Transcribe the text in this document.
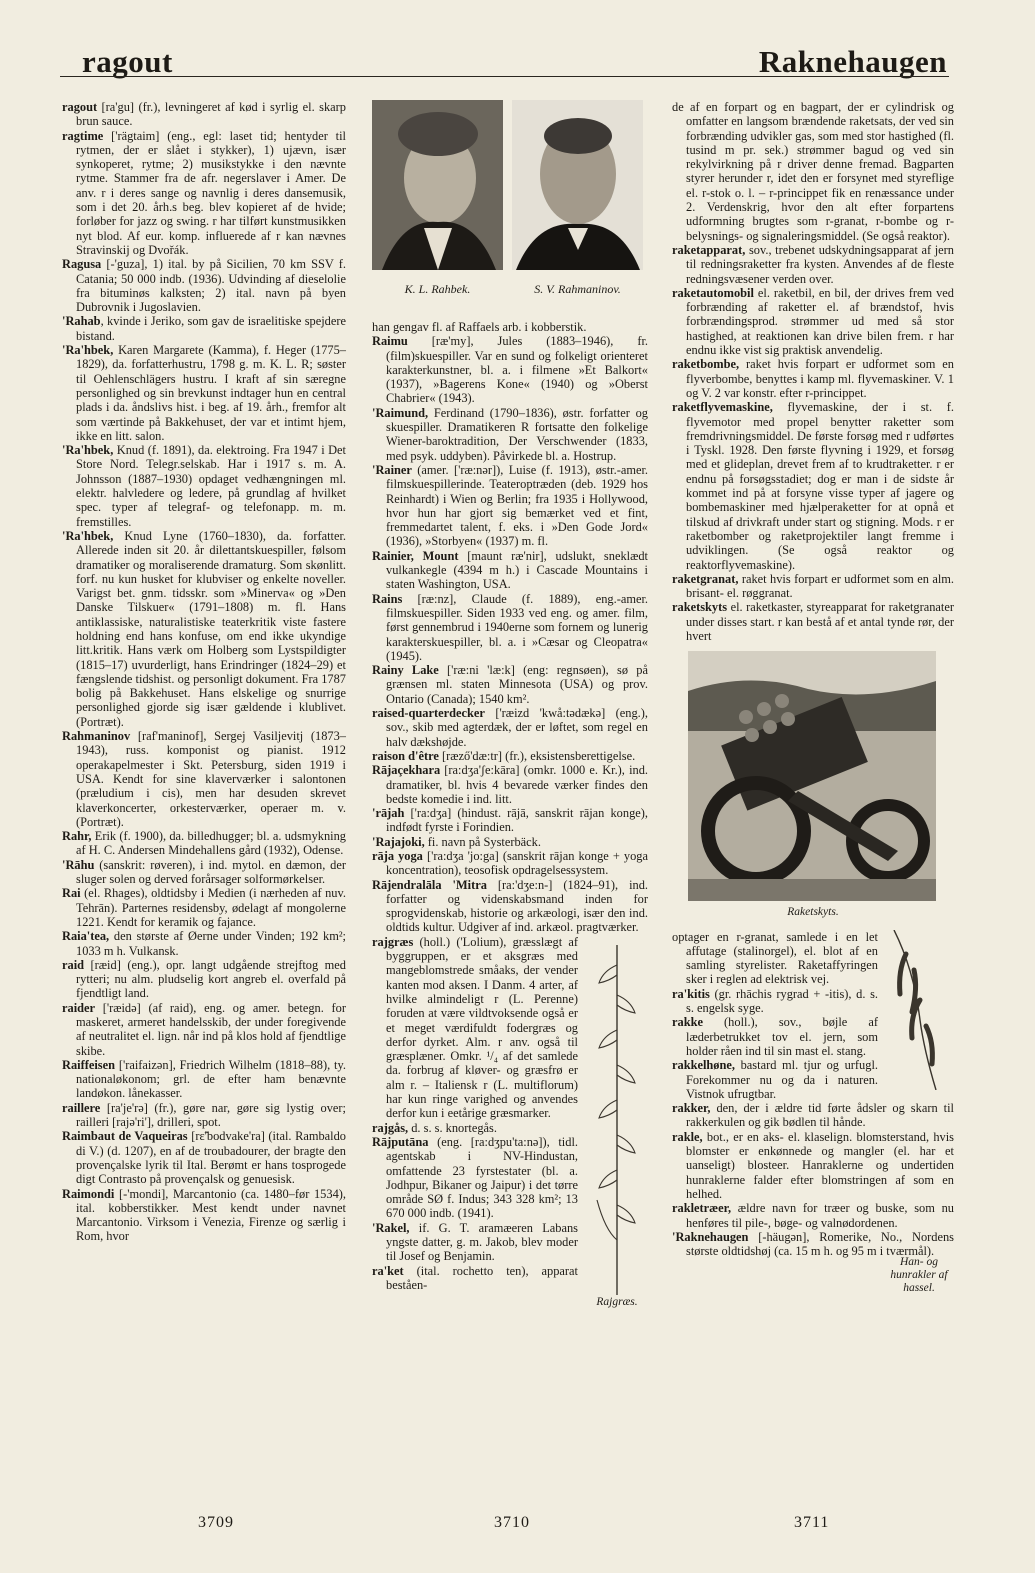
ragout	Raknehaugen

ragout [ra'gu] (fr.), levningeret af kød i syrlig el. skarp brun sauce.

ragtime ['rägtaim] (eng., egl: laset tid; hentyder til rytmen, der er slået i stykker), 1) ujævn, især synkoperet, rytme; 2) musikstykke i den nævnte rytme. Stammer fra de afr. negerslaver i Amer. De anv. r i deres sange og navnlig i deres dansemusik, som i det 20. årh.s beg. blev kopieret af de hvide; forløber for jazz og swing. r har tilført kunstmusikken nyt blod. Af eur. komp. influerede af r kan nævnes Stravinskij og Dvořák.

Ragusa [-'guza], 1) ital. by på Sicilien, 70 km SSV f. Catania; 50 000 indb. (1936). Udvinding af dieselolie fra bituminøs kalksten; 2) ital. navn på byen Dubrovnik i Jugoslavien.

'Rahab, kvinde i Jeriko, som gav de israelitiske spejdere bistand.

'Ra'hbek, Karen Margarete (Kamma), f. Heger (1775–1829), da. forfatterhustru, 1798 g. m. K. L. R; søster til Oehlenschlägers hustru. I kraft af sin særegne personlighed og sin brevkunst indtager hun en central plads i da. åndslivs hist. i beg. af 19. årh., fremfor alt som værtinde på Bakkehuset, der var et intimt hjem, ikke en litt. salon.

'Ra'hbek, Knud (f. 1891), da. elektroing. Fra 1947 i Det Store Nord. Telegr.selskab. Har i 1917 s. m. A. Johnsson (1887–1930) opdaget vedhængningen ml. elektr. halvledere og ledere, på grundlag af hvilket spec. typer af telegraf- og telefonapp. m. m. fremstilles.

'Ra'hbek, Knud Lyne (1760–1830), da. forfatter. Allerede inden sit 20. år dilettantskuespiller, følsom dramatiker og moraliserende dramaturg. Som skønlitt. forf. nu kun husket for klubviser og enkelte noveller. Varigst bet. gnm. tidsskr. som »Minerva« og »Den Danske Tilskuer« (1791–1808) m. fl. Hans antiklassiske, naturalistiske teaterkritik viste fastere holdning end hans konfuse, om end ikke ukyndige litt.kritik. Hans værk om Holberg som Lystspildigter (1815–17) uvurderligt, hans Erindringer (1824–29) et fængslende tidshist. og personligt dokument. Fra 1787 bolig på Bakkehuset. Hans elskelige og snurrige personlighed gjorde sig især gældende i klublivet. (Portræt).

Rahmaninov [raf'maninof], Sergej Vasiljevitj (1873–1943), russ. komponist og pianist. 1912 operakapelmester i Skt. Petersburg, siden 1919 i USA. Kendt for sine klaverværker i salontonen (præludium i cis), men har desuden skrevet klaverkoncerter, orkesterværker, operaer m. v. (Portræt).

Rahr, Erik (f. 1900), da. billedhugger; bl. a. udsmykning af H. C. Andersen Mindehallens gård (1932), Odense.

'Rāhu (sanskrit: røveren), i ind. mytol. en dæmon, der sluger solen og derved forårsager solformørkelser.

Rai (el. Rhages), oldtidsby i Medien (i nærheden af nuv. Tehrān). Parternes residensby, ødelagt af mongolerne 1221. Kendt for keramik og fajance.

Raia'tea, den største af Øerne under Vinden; 192 km²; 1033 m h. Vulkansk.

raid [ræid] (eng.), opr. langt udgående strejftog med rytteri; nu alm. pludselig kort angreb el. overfald på fjendtligt land.

raider ['ræidə] (af raid), eng. og amer. betegn. for maskeret, armeret handelsskib, der under foregivende af neutralitet el. lign. når ind på klos hold af fjendtlige skibe.

Raiffeisen ['raifaizən], Friedrich Wilhelm (1818–88), ty. nationaløkonom; grl. de efter ham benævnte landøkon. lånekasser.

raillere [ra'je'rə] (fr.), gøre nar, gøre sig lystig over; railleri [rajə'ri'], drilleri, spot.

Raimbaut de Vaqueiras [rɛ̃'bodvake'ra] (ital. Rambaldo di V.) (d. 1207), en af de troubadourer, der bragte den provençalske lyrik til Ital. Berømt er hans tosprogede digt Contrasto på provençalsk og genuesisk.

Raimondi [-'mondi], Marcantonio (ca. 1480–før 1534), ital. kobberstikker. Mest kendt under navnet Marcantonio. Virksom i Venezia, Firenze og særlig i Rom, hvor

K. L. Rahbek.	S. V. Rahmaninov.

han gengav fl. af Raffaels arb. i kobberstik.

Raimu [ræ'my], Jules (1883–1946), fr. (film)skuespiller. Var en sund og folkeligt orienteret karakterkunstner, bl. a. i filmene »Et Balkort« (1937), »Bagerens Kone« (1940) og »Oberst Chabrier« (1943).

'Raimund, Ferdinand (1790–1836), østr. forfatter og skuespiller. Dramatikeren R fortsatte den folkelige Wiener-baroktradition, Der Verschwender (1833, med psyk. uddyben). Påvirkede bl. a. Hostrup.

'Rainer (amer. ['ræ:nər]), Luise (f. 1913), østr.-amer. filmskuespillerinde. Teateroptræden (deb. 1929 hos Reinhardt) i Wien og Berlin; fra 1935 i Hollywood, hvor hun har gjort sig bemærket ved et fint, fremmedartet talent, f. eks. i »Den Gode Jord« (1936), »Storbyen« (1937) m. fl.

Rainier, Mount [maunt ræ'nir], udslukt, sneklædt vulkankegle (4394 m h.) i Cascade Mountains i staten Washington, USA.

Rains [ræ:nz], Claude (f. 1889), eng.-amer. filmskuespiller. Siden 1933 ved eng. og amer. film, først gennembrud i 1940erne som fornem og lunerig karakterskuespiller, bl. a. i »Cæsar og Cleopatra« (1945).

Rainy Lake ['ræ:ni 'læ:k] (eng: regnsøen), sø på grænsen ml. staten Minnesota (USA) og prov. Ontario (Canada); 1540 km².

raised-quarterdecker ['ræizd 'kwå:tədækə] (eng.), sov., skib med agterdæk, der er løftet, som regel en halv dækshøjde.

raison d'être [ræző'dæ:tr] (fr.), eksistensberettigelse.

Rājaçekhara [ra:dʒa'ʃe:kāra] (omkr. 1000 e. Kr.), ind. dramatiker, bl. hvis 4 bevarede værker findes den bedste komedie i ind. litt.

'rājah ['ra:dʒa] (hindust. rājā, sanskrit rājan konge), indfødt fyrste i Forindien.

'Rajajoki, fi. navn på Systerbäck.

rāja yoga ['ra:dʒa 'jo:ga] (sanskrit rājan konge + yoga koncentration), teosofisk opdragelsessystem.

Rājendralāla 'Mitra [ra:'dʒe:n-] (1824–91), ind. forfatter og videnskabsmand inden for sprogvidenskab, historie og arkæologi, især den ind. oldtids kultur. Udgiver af ind. arkæol. pragtværker.

Rajgræs.

rajgræs (holl.) ('Lolium), græsslægt af byggruppen, er et aksgræs med mangeblomstrede småaks, der vender kanten mod aksen. I Danm. 4 arter, af hvilke almindeligt r (L. Perenne) foruden at være vildtvoksende også er et meget værdifuldt fodergræs og derfor dyrket. Alm. r anv. også til græsplæner. Omkr. ¹/₄ af det samlede da. forbrug af kløver- og græsfrø er alm r. – Italiensk r (L. multiflorum) har kun ringe varighed og anvendes derfor kun i eetårige græsmarker.

rajgås, d. s. s. knortegås.

Rājputāna (eng. [ra:dʒpu'ta:nə]), tidl. agentskab i NV-Hindustan, omfattende 23 fyrstestater (bl. a. Jodhpur, Bikaner og Jaipur) i det tørre område SØ f. Indus; 343 328 km²; 13 670 000 indb. (1941).

'Rakel, if. G. T. aramæeren Labans yngste datter, g. m. Jakob, blev moder til Josef og Benjamin.

ra'ket (ital. rochetto ten), apparat beståen-

de af en forpart og en bagpart, der er cylindrisk og omfatter en langsom brændende raketsats, der ved sin forbrænding udvikler gas, som med stor hastighed (fl. tusind m pr. sek.) strømmer bagud og ved sin rekylvirkning på r driver denne fremad. Bagparten styrer herunder r, idet den er forsynet med styreflige el. r-stok o. l. – r-princippet fik en renæssance under 2. Verdenskrig, hvor den alt efter forpartens udformning brugtes som r-granat, r-bombe og r-belysnings- og signaleringsmiddel. (Se også reaktor).

raketapparat, sov., trebenet udskydningsapparat af jern til redningsraketter fra kysten. Anvendes af de fleste redningsvæsener verden over.

raketautomobil el. raketbil, en bil, der drives frem ved forbrænding af raketter el. af brændstof, hvis forbrændingsprod. strømmer ud med så stor hastighed, at reaktionen kan drive bilen frem. r har endnu ikke vist sig praktisk anvendelig.

raketbombe, raket hvis forpart er udformet som en flyverbombe, benyttes i kamp ml. flyvemaskiner. V. 1 og V. 2 var konstr. efter r-princippet.

raketflyvemaskine, flyvemaskine, der i st. f. flyvemotor med propel benytter raketter som fremdrivningsmiddel. De første forsøg med r udførtes i Tyskl. 1928. Den første flyvning i 1929, et forsøg med et glideplan, drevet frem af to krudtraketter. r er endnu på forsøgsstadiet; dog er man i de sidste år kommet ind på at forsyne visse typer af jagere og bombemaskiner med hjælperaketter for at opnå et tilskud af drivkraft under start og stigning. Mods. r er raketbomber og raketprojektiler langt fremme i udviklingen. (Se også reaktor og reaktorflyvemaskine).

raketgranat, raket hvis forpart er udformet som en alm. brisant- el. røggranat.

raketskyts el. raketkaster, styreapparat for raketgranater under disses start. r kan bestå af et antal tynde rør, der hvert

Raketskyts.

optager en r-granat, samlede i en let affutage (stalinorgel), el. blot af en samling styrelister. Raketaffyringen sker i reglen ad elektrisk vej.

ra'kitis (gr. rhāchis rygrad + -itis), d. s. s. engelsk syge.

rakke (holl.), sov., bøjle af læderbetrukket tov el. jern, som holder råen ind til sin mast el. stang.

rakkelhøne, bastard ml. tjur og urfugl. Forekommer nu og da i naturen. Vistnok ufrugtbar.

rakker, den, der i ældre tid førte ådsler og skarn til rakkerkulen og gik bødlen til hånde.

rakle, bot., er en aks- el. klaselign. blomsterstand, hvis blomster er enkønnede og mangler (el. har et uanseligt) blosteer. Hanraklerne og undertiden hunraklerne falder efter blomstringen af som en helhed.

rakletræer, ældre navn for træer og buske, som nu henføres til pile-, bøge- og valnødordenen.

'Raknehaugen [-häugən], Romerike, No., Nordens største oldtidshøj (ca. 15 m h. og 95 m i tværmål).

Han- og hunrakler af hassel.
3709	3710	3711
